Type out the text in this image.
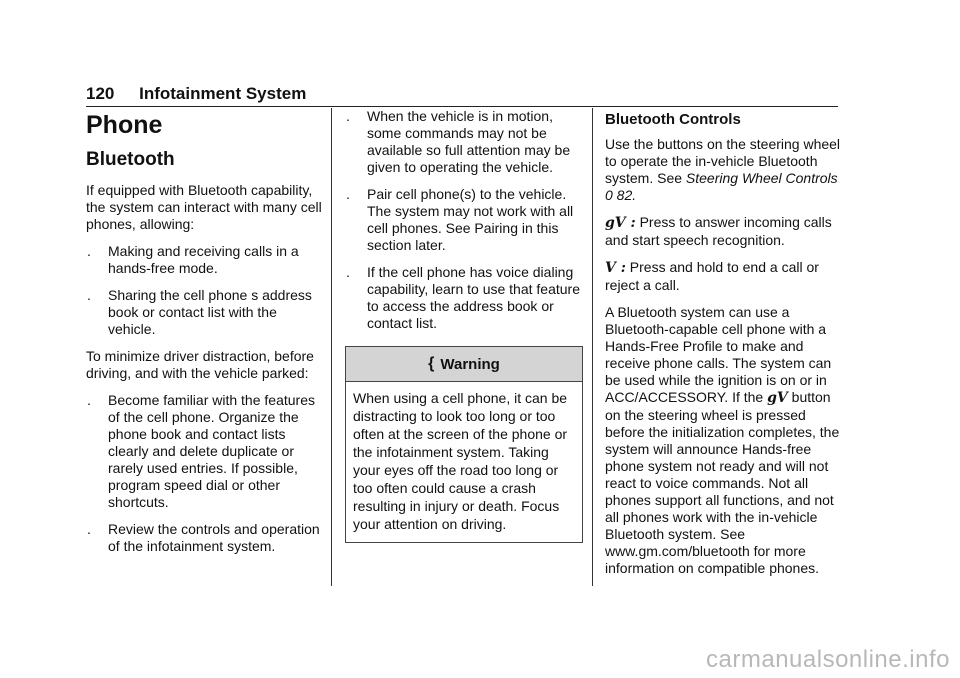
120 Infotainment System
Phone
Bluetooth

If equipped with Bluetooth capability, the system can interact with many cell phones, allowing:

. Making and receiving calls in a hands-free mode.
. Sharing the cell phone s address book or contact list with the vehicle.

To minimize driver distraction, before driving, and with the vehicle parked:

. Become familiar with the features of the cell phone. Organize the phone book and contact lists clearly and delete duplicate or rarely used entries. If possible, program speed dial or other shortcuts.
. Review the controls and operation of the infotainment system.
. When the vehicle is in motion, some commands may not be available so full attention may be given to operating the vehicle.
. Pair cell phone(s) to the vehicle. The system may not work with all cell phones. See Pairing in this section later.
. If the cell phone has voice dialing capability, learn to use that feature to access the address book or contact list.
{ Warning
When using a cell phone, it can be distracting to look too long or too often at the screen of the phone or the infotainment system. Taking your eyes off the road too long or too often could cause a crash resulting in injury or death. Focus your attention on driving.
Bluetooth Controls

Use the buttons on the steering wheel to operate the in-vehicle Bluetooth system. See Steering Wheel Controls 0 82.

gV : Press to answer incoming calls and start speech recognition.

V : Press and hold to end a call or reject a call.

A Bluetooth system can use a Bluetooth-capable cell phone with a Hands-Free Profile to make and receive phone calls. The system can be used while the ignition is on or in ACC/ACCESSORY. If the gV button on the steering wheel is pressed before the initialization completes, the system will announce Hands-free phone system not ready and will not react to voice commands. Not all phones support all functions, and not all phones work with the in-vehicle Bluetooth system. See www.gm.com/bluetooth for more information on compatible phones.

carmanualsonline.info
